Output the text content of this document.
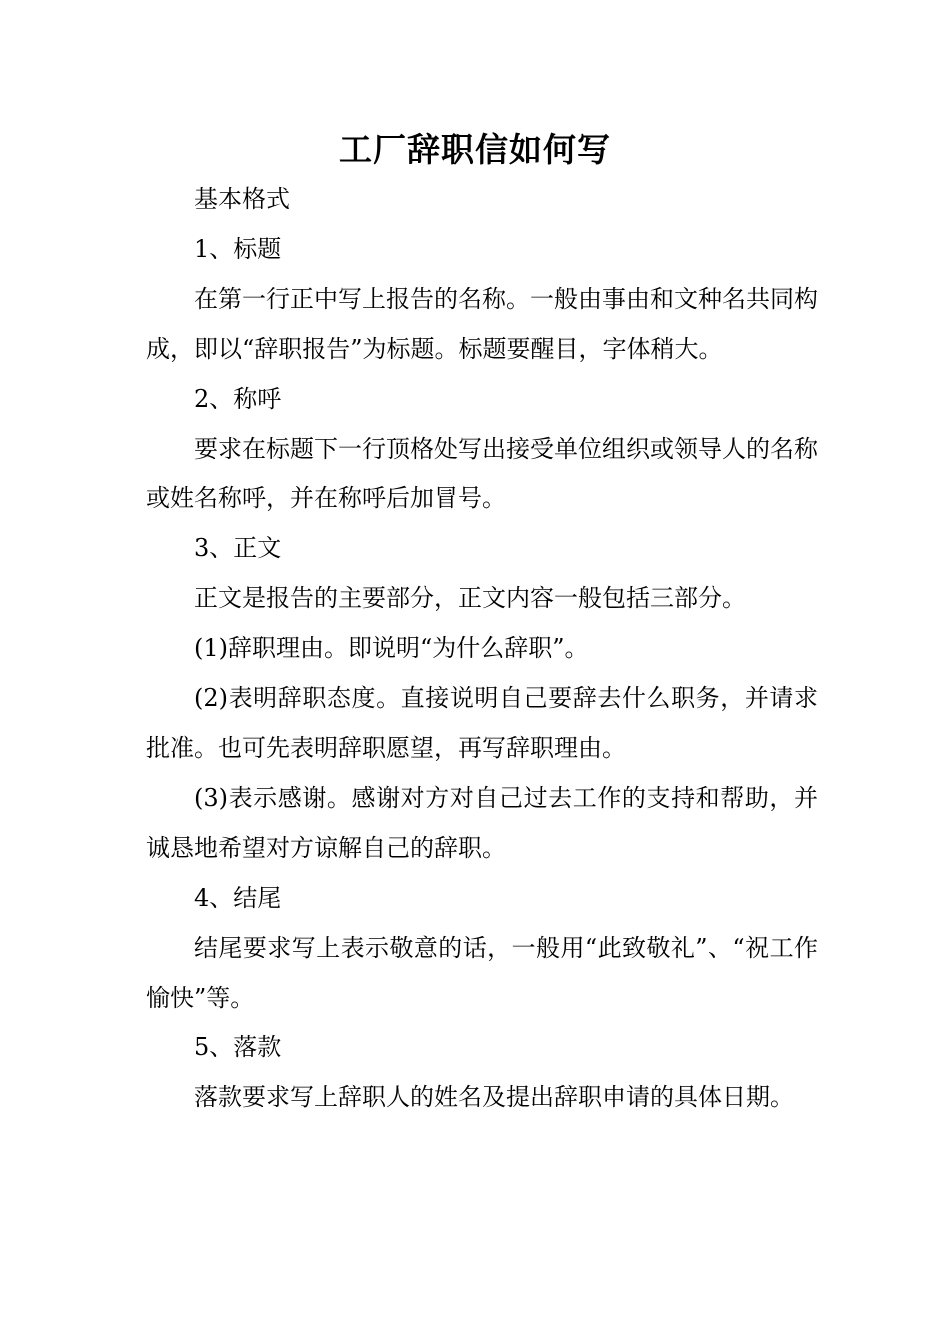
工厂辞职信如何写

基本格式

1、标题

在第一行正中写上报告的名称。一般由事由和文种名共同构成，即以“辞职报告”为标题。标题要醒目，字体稍大。

2、称呼

要求在标题下一行顶格处写出接受单位组织或领导人的名称或姓名称呼，并在称呼后加冒号。

3、正文

正文是报告的主要部分，正文内容一般包括三部分。

(1)辞职理由。即说明“为什么辞职”。

(2)表明辞职态度。直接说明自己要辞去什么职务，并请求批准。也可先表明辞职愿望，再写辞职理由。

(3)表示感谢。感谢对方对自己过去工作的支持和帮助，并诚恳地希望对方谅解自己的辞职。

4、结尾

结尾要求写上表示敬意的话，一般用“此致敬礼”、“祝工作愉快”等。

5、落款

落款要求写上辞职人的姓名及提出辞职申请的具体日期。
